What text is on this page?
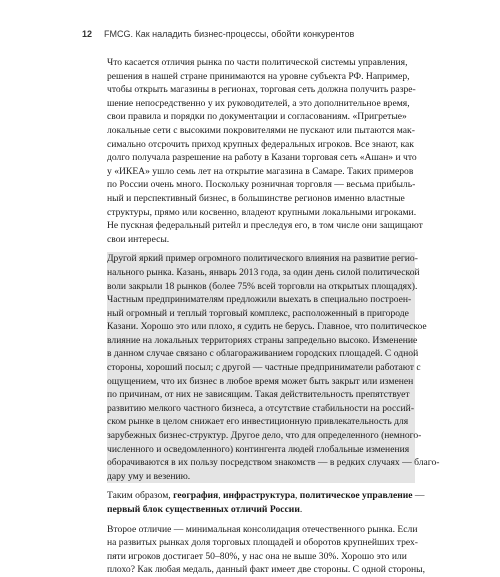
12	FMCG. Как наладить бизнес-процессы, обойти конкурентов
Что касается отличия рынка по части политической системы управления,
решения в нашей стране принимаются на уровне субъекта РФ. Например,
чтобы открыть магазины в регионах, торговая сеть должна получить разре-
шение непосредственно у их руководителей, а это дополнительное время,
свои правила и порядки по документации и согласованиям. «Пригретые»
локальные сети с высокими покровителями не пускают или пытаются мак-
симально отсрочить приход крупных федеральных игроков. Все знают, как
долго получала разрешение на работу в Казани торговая сеть «Ашан» и что
у «ИКЕА» ушло семь лет на открытие магазина в Самаре. Таких примеров
по России очень много. Поскольку розничная торговля — весьма прибыль-
ный и перспективный бизнес, в большинстве регионов именно властные
структуры, прямо или косвенно, владеют крупными локальными игроками.
Не пускная федеральный ритейл и преследуя его, в том числе они защищают
свои интересы.
Другой яркий пример огромного политического влияния на развитие регио-
нального рынка. Казань, январь 2013 года, за один день силой политической
воли закрыли 18 рынков (более 75% всей торговли на открытых площадях).
Частным предпринимателям предложили выехать в специально построен-
ный огромный и теплый торговый комплекс, расположенный в пригороде
Казани. Хорошо это или плохо, я судить не берусь. Главное, что политическое
влияние на локальных территориях страны запредельно высоко. Изменение
в данном случае связано с облагораживанием городских площадей. С одной
стороны, хороший посыл; с другой — частные предприниматели работают с
ощущением, что их бизнес в любое время может быть закрыт или изменен
по причинам, от них не зависящим. Такая действительность препятствует
развитию мелкого частного бизнеса, а отсутствие стабильности на россий-
ском рынке в целом снижает его инвестиционную привлекательность для
зарубежных бизнес-структур. Другое дело, что для определенного (немного-
численного и осведомленного) контингента людей глобальные изменения
оборачиваются в их пользу посредством знакомств — в редких случаях — благо-
дару уму и везению.
Таким образом, география, инфраструктура, политическое управление —
первый блок существенных отличий России.
Второе отличие — минимальная консолидация отечественного рынка. Если
на развитых рынках доля торговых площадей и оборотов крупнейших трех-
пяти игроков достигает 50–80%, у нас она не выше 30%. Хорошо это или
плохо? Как любая медаль, данный факт имеет две стороны. С одной стороны,
